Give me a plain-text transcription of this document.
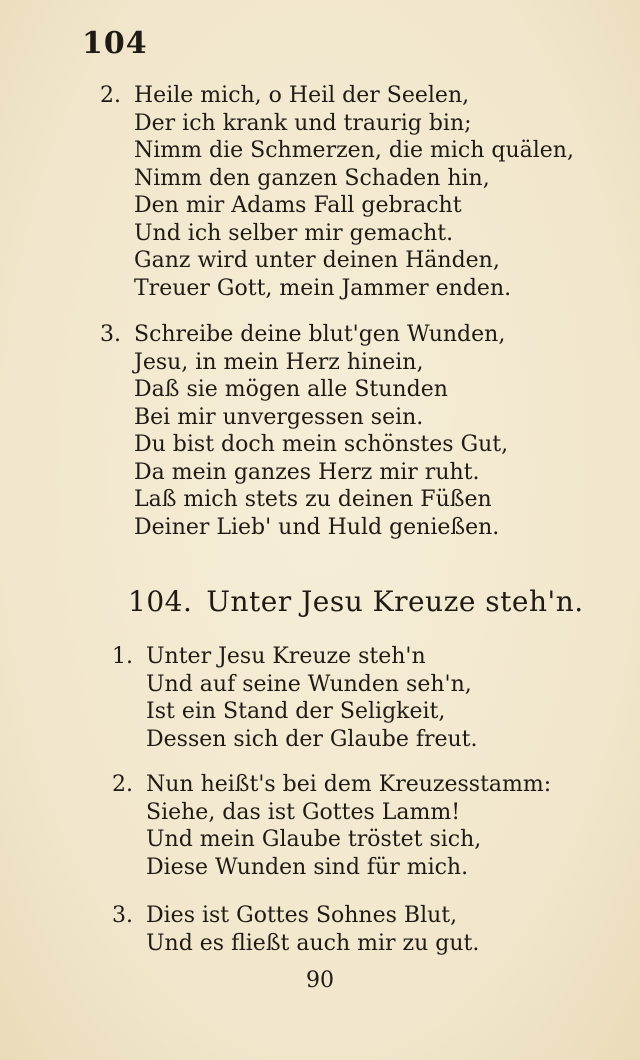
104
2. Heile mich, o Heil der Seelen,
Der ich krank und traurig bin;
Nimm die Schmerzen, die mich quälen,
Nimm den ganzen Schaden hin,
Den mir Adams Fall gebracht
Und ich selber mir gemacht.
Ganz wird unter deinen Händen,
Treuer Gott, mein Jammer enden.
3. Schreibe deine blut'gen Wunden,
Jesu, in mein Herz hinein,
Daß sie mögen alle Stunden
Bei mir unvergessen sein.
Du bist doch mein schönstes Gut,
Da mein ganzes Herz mir ruht.
Laß mich stets zu deinen Füßen
Deiner Lieb' und Huld genießen.
104. Unter Jesu Kreuze steh'n.
1. Unter Jesu Kreuze steh'n
Und auf seine Wunden seh'n,
Ist ein Stand der Seligkeit,
Dessen sich der Glaube freut.
2. Nun heißt's bei dem Kreuzesstamm:
Siehe, das ist Gottes Lamm!
Und mein Glaube tröstet sich,
Diese Wunden sind für mich.
3. Dies ist Gottes Sohnes Blut,
Und es fließt auch mir zu gut.
90
